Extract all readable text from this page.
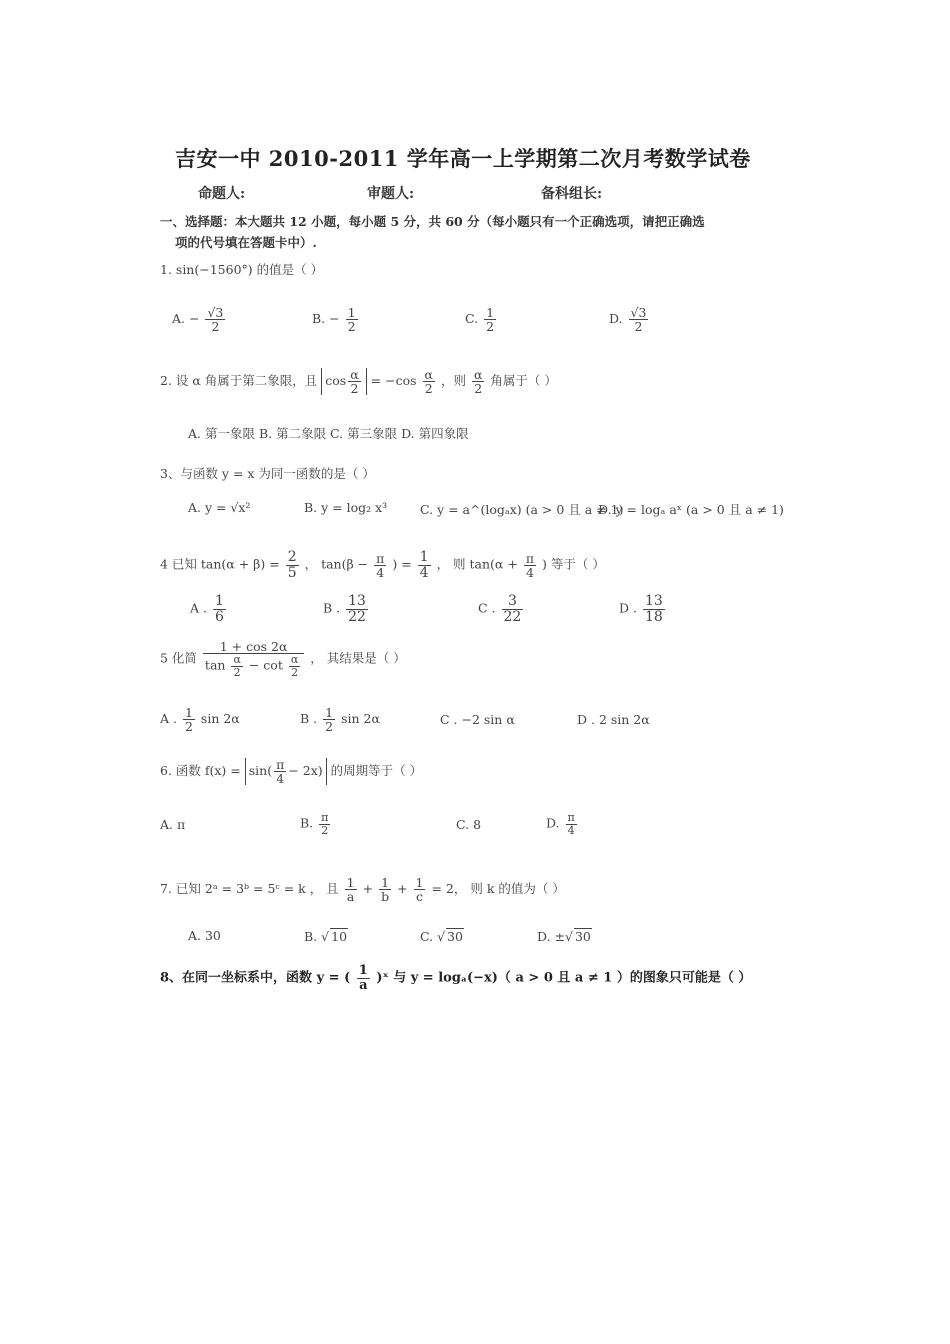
吉安一中 2010-2011 学年高一上学期第二次月考数学试卷
命题人:	审题人:	备科组长:
一、选择题：本大题共 12 小题，每小题 5 分，共 60 分（每小题只有一个正确选项，请把正确选
项的代号填在答题卡中）.
1. sin(−1560°) 的值是（ ）
A. − $\frac{√3}{2}$	B. − $\frac{1}{2}$	C. $\frac{1}{2}$	D. $\frac{√3}{2}$
2. 设 α 角属于第二象限，且 $\cos \frac{\alpha}{2} = -\cos \frac{\alpha}{2}$ ，则 $\frac{\alpha}{2}$ 角属于（ ）
A. 第一象限 B. 第二象限 C. 第三象限 D. 第四象限
3、与函数 y = x 为同一函数的是（ ）
A. y = √x²	B. y = log₂ x³	C. y = a^(logₐx) (a > 0 且 a ≠ 1)
D. y = logₐ aˣ (a > 0 且 a ≠ 1)
4 已知 $\tan(\alpha + \beta) = \frac{2}{5}$ ， $\tan(\beta - \frac{\pi}{4}$ ) = $\frac{1}{4}$ ， 则 $\tan(\alpha + \frac{\pi}{4}$ ) 等于（ ）
A . $\frac{1}{6}$	B . $\frac{13}{22}$	C . $\frac{3}{22}$	D . $\frac{13}{18}$
5 化简 $\frac{1 + \cos 2\alpha}{\tan \frac{\alpha}{2} - \cot \frac{\alpha}{2}}$ ， 其结果是（ ）
A . $\frac{1}{2}$ sin 2α	B . $\frac{1}{2}$ sin 2α	C . −2 sin α	D . 2 sin 2α
6. 函数 $f(x) = \sin( \frac{\pi}{4} - 2x)$ 的周期等于（ ）
A. π	B. $\frac{\pi}{2}$	C. 8	D. $\frac{\pi}{4}$
7. 已知 2ᵃ = 3ᵇ = 5ᶜ = k ， 且 $\frac{1}{a} + \frac{1}{b} + \frac{1}{c} = 2$， 则 k 的值为（ ）
A. 30	B. √ 10	C. √ 30	D. ±√ 30
8、在同一坐标系中，函数 y = ( $\frac{1}{a}$ )ˣ 与 y = logₐ(−x)（ a > 0 且 a ≠ 1 ）的图象只可能是（ ）
